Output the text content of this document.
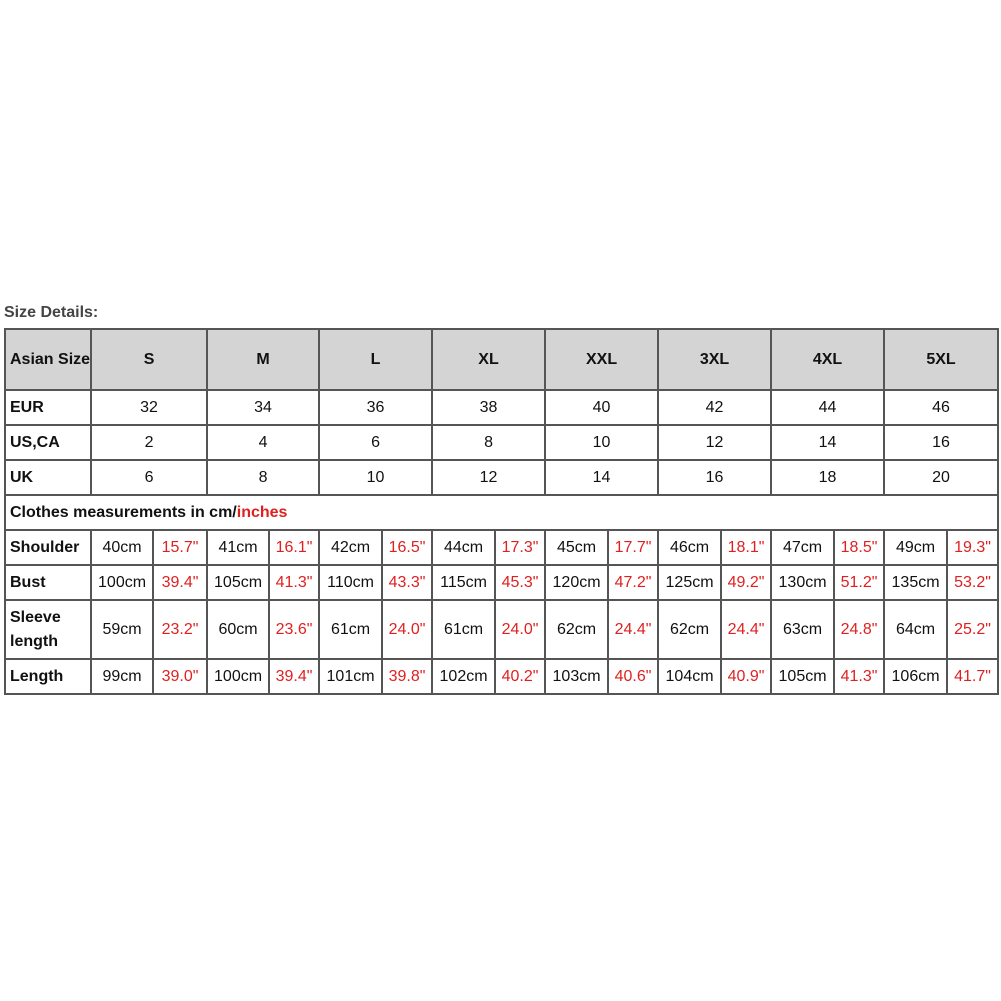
Size Details:
Asian Size	S		M		L		XL		XXL		3XL		4XL		5XL	
EUR	32		34		36		38		40		42		44		46	
US,CA	2		4		6		8		10		12		14		16	
UK	6		8		10		12		14		16		18		20	
Clothes measurements in cm/inches																
Shoulder	40cm	15.7"	41cm	16.1"	42cm	16.5"	44cm	17.3"	45cm	17.7"	46cm	18.1"	47cm	18.5"	49cm	19.3"
Bust	100cm	39.4"	105cm	41.3"	110cm	43.3"	115cm	45.3"	120cm	47.2"	125cm	49.2"	130cm	51.2"	135cm	53.2"
Sleeve length	59cm	23.2"	60cm	23.6"	61cm	24.0"	61cm	24.0"	62cm	24.4"	62cm	24.4"	63cm	24.8"	64cm	25.2"
Length	99cm	39.0"	100cm	39.4"	101cm	39.8"	102cm	40.2"	103cm	40.6"	104cm	40.9"	105cm	41.3"	106cm	41.7"
